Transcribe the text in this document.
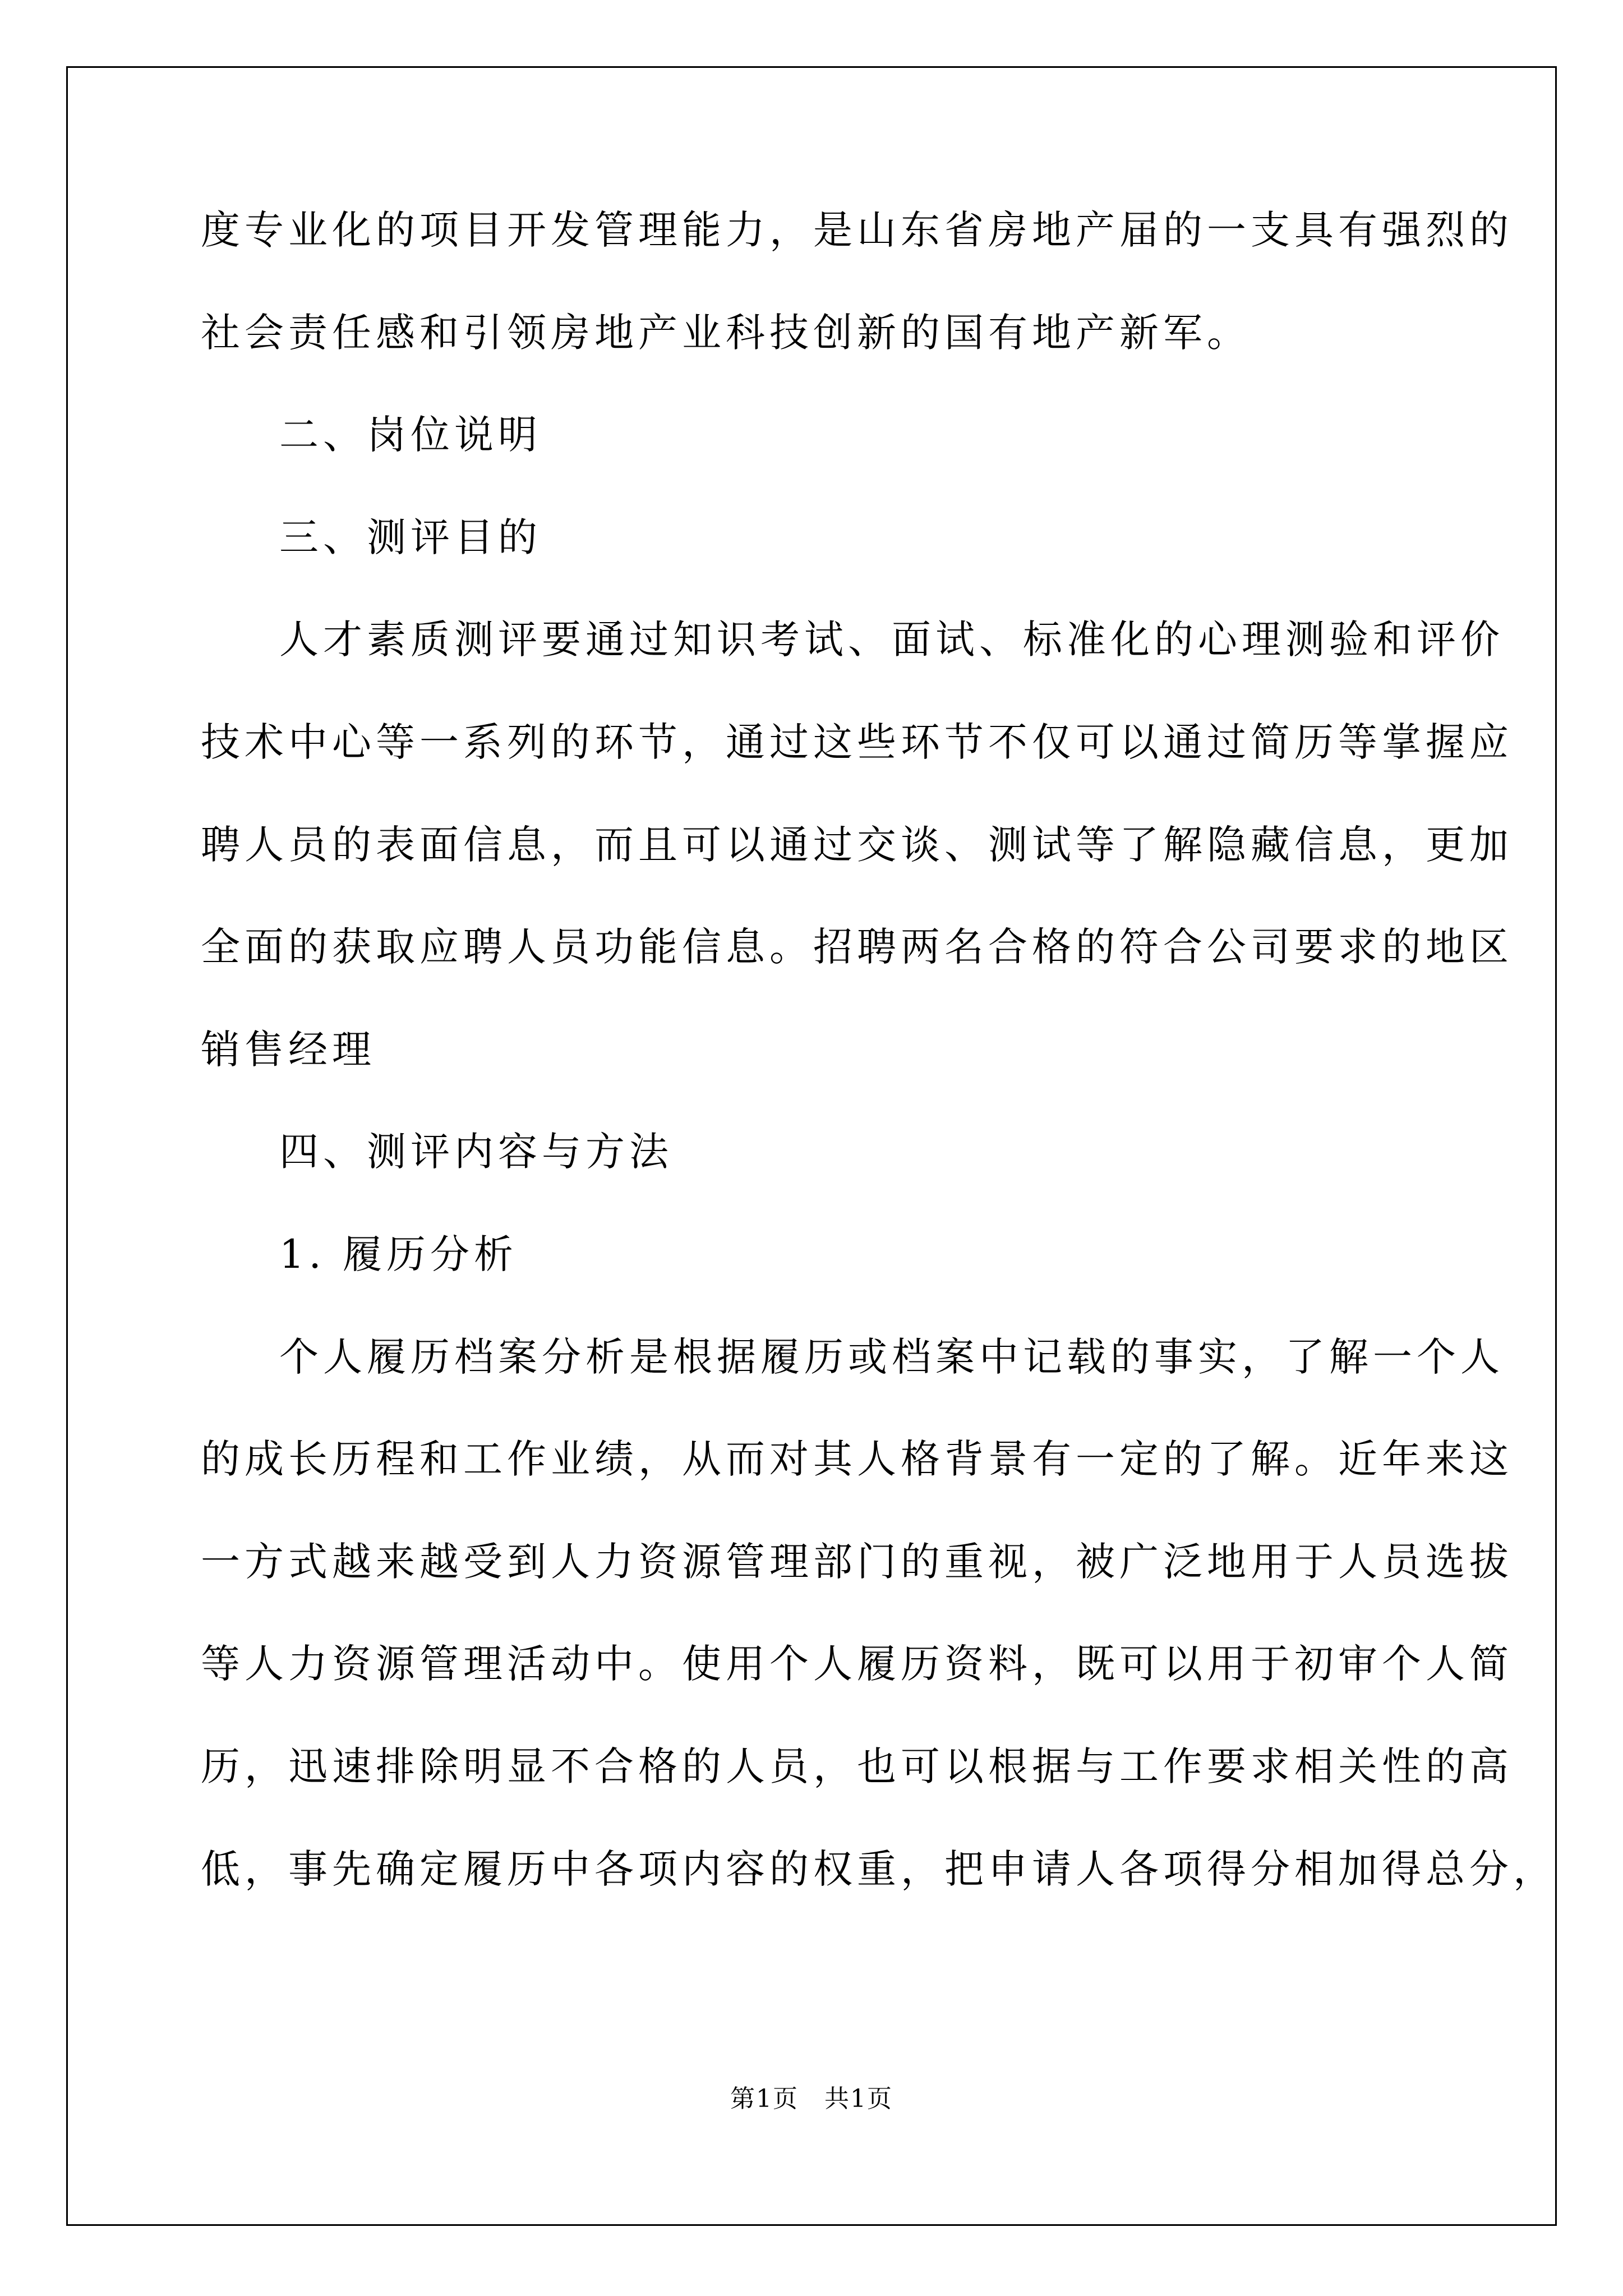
度专业化的项目开发管理能力，是山东省房地产届的一支具有强烈的
社会责任感和引领房地产业科技创新的国有地产新军。
二、岗位说明
三、测评目的
人才素质测评要通过知识考试、面试、标准化的心理测验和评价
技术中心等一系列的环节，通过这些环节不仅可以通过简历等掌握应
聘人员的表面信息，而且可以通过交谈、测试等了解隐藏信息，更加
全面的获取应聘人员功能信息。招聘两名合格的符合公司要求的地区
销售经理
四、测评内容与方法
1. 履历分析
个人履历档案分析是根据履历或档案中记载的事实，了解一个人
的成长历程和工作业绩，从而对其人格背景有一定的了解。近年来这
一方式越来越受到人力资源管理部门的重视，被广泛地用于人员选拔
等人力资源管理活动中。使用个人履历资料，既可以用于初审个人简
历，迅速排除明显不合格的人员，也可以根据与工作要求相关性的高
低，事先确定履历中各项内容的权重，把申请人各项得分相加得总分，
第1页　共1页
